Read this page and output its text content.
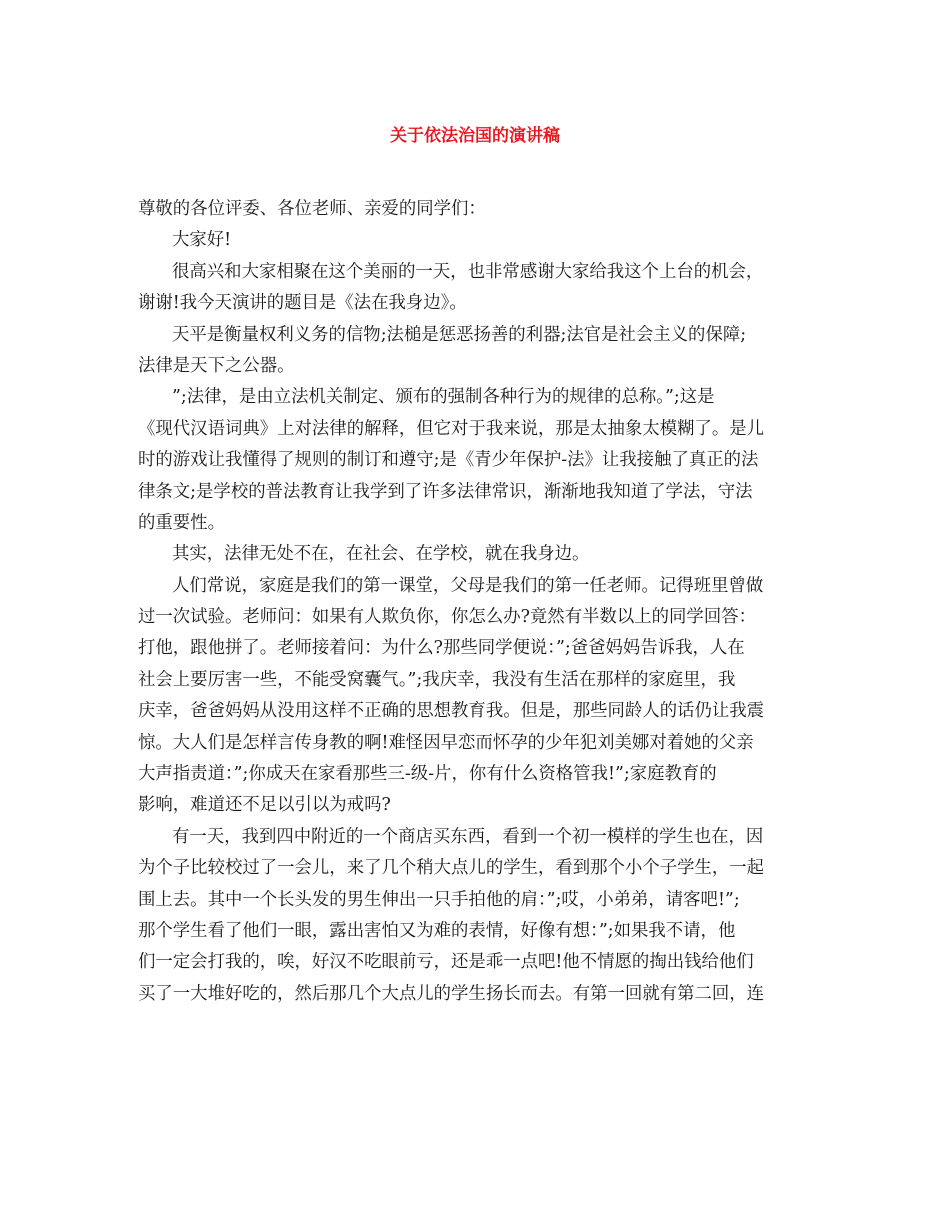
关于依法治国的演讲稿
尊敬的各位评委、各位老师、亲爱的同学们：
大家好!
很高兴和大家相聚在这个美丽的一天，也非常感谢大家给我这个上台的机会，
谢谢!我今天演讲的题目是《法在我身边》。
天平是衡量权利义务的信物;法槌是惩恶扬善的利器;法官是社会主义的保障;
法律是天下之公器。
”;法律，是由立法机关制定、颁布的强制各种行为的规律的总称。”;这是
《现代汉语词典》上对法律的解释，但它对于我来说，那是太抽象太模糊了。是儿
时的游戏让我懂得了规则的制订和遵守;是《青少年保护-法》让我接触了真正的法
律条文;是学校的普法教育让我学到了许多法律常识，渐渐地我知道了学法，守法
的重要性。
其实，法律无处不在，在社会、在学校，就在我身边。
人们常说，家庭是我们的第一课堂，父母是我们的第一任老师。记得班里曾做
过一次试验。老师问：如果有人欺负你，你怎么办?竟然有半数以上的同学回答：
打他，跟他拼了。老师接着问：为什么?那些同学便说：”;爸爸妈妈告诉我，人在
社会上要厉害一些，不能受窝囊气。”;我庆幸，我没有生活在那样的家庭里，我
庆幸，爸爸妈妈从没用这样不正确的思想教育我。但是，那些同龄人的话仍让我震
惊。大人们是怎样言传身教的啊!难怪因早恋而怀孕的少年犯刘美娜对着她的父亲
大声指责道：”;你成天在家看那些三-级-片，你有什么资格管我!”;家庭教育的
影响，难道还不足以引以为戒吗?
有一天，我到四中附近的一个商店买东西，看到一个初一模样的学生也在，因
为个子比较校过了一会儿，来了几个稍大点儿的学生，看到那个小个子学生，一起
围上去。其中一个长头发的男生伸出一只手拍他的肩：”;哎，小弟弟，请客吧!”;
那个学生看了他们一眼，露出害怕又为难的表情，好像有想：”;如果我不请，他
们一定会打我的，唉，好汉不吃眼前亏，还是乖一点吧!他不情愿的掏出钱给他们
买了一大堆好吃的，然后那几个大点儿的学生扬长而去。有第一回就有第二回，连
